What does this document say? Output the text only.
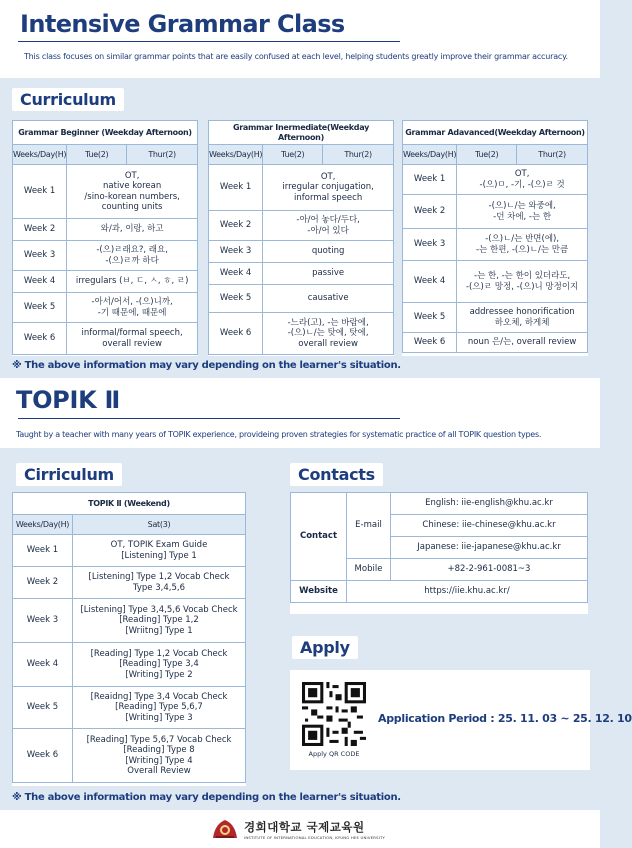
Intensive Grammar Class
This class focuses on similar grammar points that are easily confused at each level, helping students greatly improve their grammar accuracy.
Curriculum
Grammar Beginner (Weekday Afternoon)		
Weeks/Day(H)	Tue(2)	Thur(2)
Week 1	OT,
native korean
/sino-korean numbers,
counting units	
Week 2	와/과, 이랑, 하고	
Week 3	-(으)ㄹ래요?, 래요,
-(으)ㄹ까 하다	
Week 4	irregulars (ㅂ, ㄷ, ㅅ, ㅎ, ㄹ)	
Week 5	-아서/어서, -(으)니까,
-기 때문에, 때문에	
Week 6	informal/formal speech,
overall review	
Grammar Inermediate(Weekday Afternoon)		
Weeks/Day(H)	Tue(2)	Thur(2)
Week 1	OT,
irregular conjugation,
informal speech	
Week 2	-아/어 놓다/두다,
-아/어 있다	
Week 3	quoting	
Week 4	passive	
Week 5	causative	
Week 6	-느라(고), -는 바람에,
-(으)ㄴ/는 탓에, 탓에,
overall review	
Grammar Adavanced(Weekday Afternoon)		
Weeks/Day(H)	Tue(2)	Thur(2)
Week 1	OT,
-(으)ㅁ, -기, -(으)ㄹ 것	
Week 2	-(으)ㄴ/는 와중에,
-던 차에, -는 한	
Week 3	-(으)ㄴ/는 반면(에),
-는 한편, -(으)ㄴ/는 만큼	
Week 4	-는 한, -는 한이 있더라도,
-(으)ㄹ 망정, -(으)니 망정이지	
Week 5	addressee honorification
하오체, 하게체	
Week 6	noun 은/는, overall review	
※ The above information may vary depending on the learner's situation.
TOPIK Ⅱ
Taught by a teacher with many years of TOPIK experience, provideing proven strategies for systematic practice of all TOPIK question types.
Cirriculum
TOPIK Ⅱ (Weekend)	
Weeks/Day(H)	Sat(3)
Week 1	OT, TOPIK Exam Guide
[Listening] Type 1
Week 2	[Listening] Type 1,2 Vocab Check
Type 3,4,5,6
Week 3	[Listening] Type 3,4,5,6 Vocab Check
[Reading] Type 1,2
[Wriitng] Type 1
Week 4	[Reading] Type 1,2 Vocab Check
[Reading] Type 3,4
[Writing] Type 2
Week 5	[Reaidng] Type 3,4 Vocab Check
[Reading] Type 5,6,7
[Writing] Type 3
Week 6	[Reading] Type 5,6,7 Vocab Check
[Reading] Type 8
[Writing] Type 4
Overall Review
※ The above information may vary depending on the learner's situation.
Contacts
Contact	E-mail	English: iie-english@khu.ac.kr
		Chinese: iie-chinese@khu.ac.kr
		Japanese: iie-japanese@khu.ac.kr
	Mobile	+82-2-961-0081~3
Website	https://iie.khu.ac.kr/	
Apply
Apply QR CODE
Application Period : 25. 11. 03 ~ 25. 12. 10
경희대학교 국제교육원
INSTITUTE OF INTERNATIONAL EDUCATION, KYUNG HEE UNIVERSITY
